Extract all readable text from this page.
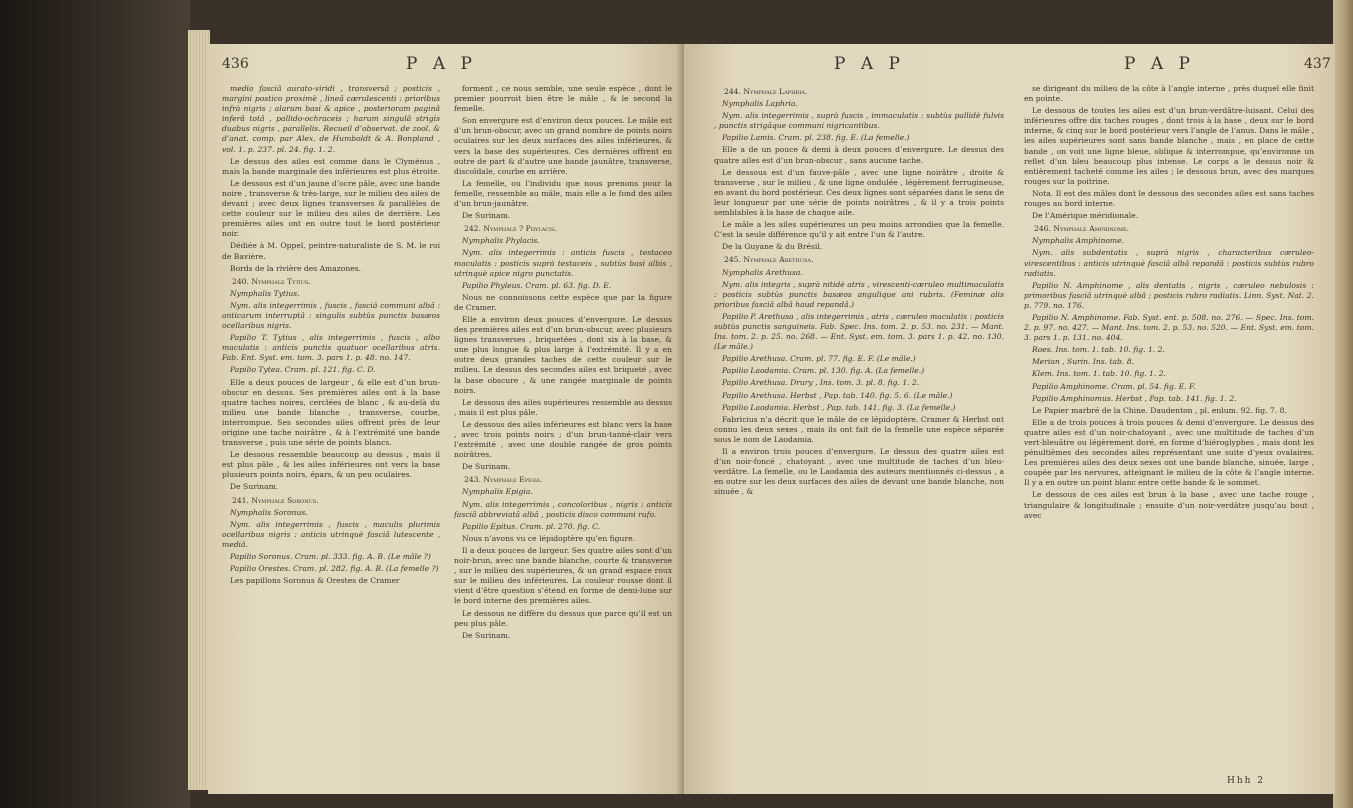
436	P A P

medio fasciâ aurato-viridi , transversâ ; posticis , margini postico proximè , lineâ cærulescenti : prioribus infrà nigris ; alarum basi & apice , posterioram paginâ inferâ totâ , pallido-ochraceis ; harum singulâ strigis duabus nigris , parallelis. Recueil d’observat. de zool. & d’anat. comp. par Alex. de Humboldt & A. Bonpland , vol. 1. p. 237. pl. 24. fig. 1. 2.

Le dessus des ailes est comme dans le Clyménus , mais la bande marginale des inférieures est plus étroite.

Le dessous est d’un jaune d’ocre pâle, avec une bande noire , transverse & très-large, sur le milieu des ailes de devant ; avec deux lignes transverses & parallèles de cette couleur sur le milieu des ailes de derrière. Les premières ailes ont en outre tout le bord postérieur noir.

Dédiée à M. Oppel, peintre-naturaliste de S. M. le roi de Bavière.

Bords de la rivière des Amazones.

240. Nymphale Tytius.

Nymphalis Tytius.

Nym. alis integerrimis , fuscis , fasciâ communi albâ : anticarum interruptâ : singulis subtùs punctis basæos ocellaribus nigris.

Papilio T. Tytius , alis integerrimis , fuscis , albo maculatis : anticis punctis quatuor ocellaribus atris. Fab. Ent. Syst. em. tom. 3. pars 1. p. 48. no. 147.

Papilio Tytea. Cram. pl. 121. fig. C. D.

Elle a deux pouces de largeur , & elle est d’un brun-obscur en dessus. Ses premières ailes ont à la base quatre taches noires, cerclées de blanc , & au-delà du milieu une bande blanche , transverse, courbe, interrompue. Ses secondes ailes offrent près de leur origine une tache noirâtre , & à l’extrémité une bande transverse , puis une série de points blancs.

Le dessous ressemble beaucoup au dessus , mais il est plus pâle , & les ailes inférieures ont vers la base plusieurs points noirs, épars, & un peu oculaires.

De Surinam.

241. Nymphale Soronus.

Nymphalis Soronus.

Nym. alis integerrimis , fuscis , maculis plurimis ocellaribus nigris : anticis utrinquè fasciâ lutescente , mediâ.

Papilio Soronus. Cram. pl. 333. fig. A. B. (Le mâle ?)

Papilio Orestes. Cram. pl. 282. fig. A. B. (La femelle ?)

Les papillons Soronus & Orestes de Cramer

forment , ce nous semble, une seule espèce , dont le premier pourroit bien être le mâle , & le second la femelle.

Son envergure est d’environ deux pouces. Le mâle est d’un brun-obscur, avec un grand nombre de points noirs oculaires sur les deux surfaces des ailes inférieures, & vers la base des supérieures. Ces dernières offrent en outre de part & d’autre une bande jaunâtre, transverse, discoïdale, courbe en arrière.

La femelle, ou l’individu que nous prenons pour la femelle, ressemble au mâle, mais elle a le fond des ailes d’un brun-jaunâtre.

De Surinam.

242. Nymphale ? Phylacis.

Nymphalis Phylacis.

Nym. alis integerrimis : anticis fuscis , testaceo maculatis : posticis suprà testaceis , subtùs basi albis , utrinquè apice nigro punctatis.

Papilio Phyleus. Cram. pl. 63. fig. D. E.

Nous ne connoissons cette espèce que par la figure de Cramer.

Elle a environ deux pouces d’envergure. Le dessus des premières ailes est d’un brun-obscur, avec plusieurs lignes transverses , briquetées , dont six à la base, & une plus longue & plus large à l’extrémité. Il y a en outre deux grandes taches de cette couleur sur le milieu. Le dessus des secondes ailes est briqueté , avec la base obscure , & une rangée marginale de points noirs.

Le dessous des ailes supérieures ressemble au dessus , mais il est plus pâle.

Le dessous des ailes inférieures est blanc vers la base , avec trois points noirs ; d’un brun-tanné-clair vers l’extrémité , avec une double rangée de gros points noirâtres.

De Surinam.

243. Nymphale Epigia.

Nymphalis Epigia.

Nym. alis integerrimis , concoloribus , nigris : anticis fasciâ abbreviatâ albâ , posticis disco communi rufo.

Papilio Epitus. Cram. pl. 270. fig. C.

Nous n’avons vu ce lépidoptère qu’en figure.

Il a deux pouces de largeur. Ses quatre ailes sont d’un noir-brun, avec une bande blanche, courte & transverse , sur le milieu des supérieures, & un grand espace roux sur le milieu des inférieures. La couleur rousse dont il vient d’être question s’étend en forme de demi-lune sur le bord interne des premières ailes.

Le dessous ne diffère du dessus que parce qu’il est un peu plus pâle.

De Surinam.

P A P	P A P	437

244. Nymphale Laphria.

Nymphalis Laphria.

Nym. alis integerrimis , suprà fuscis , immaculatis : subtùs pallidè fulvis , punctis strigâque communi nigricantibus.

Papilio Lamis. Cram. pl. 238. fig. E. (La femelle.)

Elle a de un pouce & demi à deux pouces d’envergure. Le dessus des quatre ailes est d’un brun-obscur , sans aucune tache.

Le dessous est d’un fauve-pâle , avec une ligne noirâtre , droite & transverse , sur le milieu , & une ligne ondulée , légèrement ferrugineuse, en avant du bord postérieur. Ces deux lignes sont séparées dans le sens de leur longueur par une série de points noirâtres , & il y a trois points semblables à la base de chaque aile.

Le mâle a les ailes supérieures un peu moins arrondies que la femelle. C’est la seule différence qu’il y ait entre l’un & l’autre.

De la Guyane & du Brésil.

245. Nymphale Arethusa.

Nymphalis Arethusa.

Nym. alis integris , suprà nitidè atris , virescenti-cæruleo multimaculatis : posticis subtùs punctis basæos angulique ani rubris. (Feminæ alis prioribus fasciâ albâ haud repandâ.)

Papilio P. Arethusa , alis integerrimis , atris , cæruleo maculatis : posticis subtùs punctis sanguineis. Fab. Spec. Ins. tom. 2. p. 53. no. 231. — Mant. Ins. tom. 2. p. 25. no. 268. — Ent. Syst. em. tom. 3. pars 1. p. 42. no. 130. (Le mâle.)

Papilio Arethusa. Cram. pl. 77. fig. E. F. (Le mâle.)

Papilio Laodamia. Cram. pl. 130. fig. A. (La femelle.)

Papilio Arethusa. Drury , Ins. tom. 3. pl. 8. fig. 1. 2.

Papilio Arethusa. Herbst , Pap. tab. 140. fig. 5. 6. (Le mâle.)

Papilio Laodamia. Herbst , Pap. tab. 141. fig. 3. (La femelle.)

Fabricius n’a décrit que le mâle de ce lépidoptère. Cramer & Herbst ont connu les deux sexes , mais ils ont fait de la femelle une espèce séparée sous le nom de Laodamia.

Il a environ trois pouces d’envergure. Le dessus des quatre ailes est d’un noir-foncé , chatoyant , avec une multitude de taches d’un bleu-verdâtre. La femelle, ou le Laodamia des auteurs mentionnés ci-dessus , a en outre sur les deux surfaces des ailes de devant une bande blanche, non sinuée , &

se dirigeant du milieu de la côte à l’angle interne , près duquel elle finit en pointe.

Le dessous de toutes les ailes est d’un brun-verdâtre-luisant. Celui des inférieures offre dix taches rouges , dont trois à la base , deux sur le bord interne, & cinq sur le bord postérieur vers l’angle de l’anus. Dans le mâle , les ailes supérieures sont sans bande blanche , mais , en place de cette bande , on voit une ligne bleue, oblique & interrompue, qu’environne un reflet d’un bleu beaucoup plus intense. Le corps a le dessus noir & entièrement tacheté comme les ailes ; le dessous brun, avec des marques rouges sur la poitrine.

Nota. Il est des mâles dont le dessous des secondes ailes est sans taches rouges au bord interne.

De l’Amérique méridionale.

246. Nymphale Amphinome.

Nymphalis Amphinome.

Nym. alis subdentatis , suprà nigris , characteribus cæruleo-virescentibus : anticis utrinquè fasciâ albâ repandâ : posticis subtùs rubro radiatis.

Papilio N. Amphinome , alis dentatis , nigris , cæruleo nebulosis : primoribus fasciâ utrinquè albâ ; posticis rubro radiatis. Linn. Syst. Nat. 2. p. 779. no. 176.

Papilio N. Amphinome. Fab. Syst. ent. p. 508. no. 276. — Spec. Ins. tom. 2. p. 97. no. 427. — Mant. Ins. tom. 2. p. 53. no. 520. — Ent. Syst. em. tom. 3. pars 1. p. 131. no. 404.

Roes. Ins. tom. 1. tab. 10. fig. 1. 2.

Merian , Surin. Ins. tab. 8.

Klem. Ins. tom. 1. tab. 10. fig. 1. 2.

Papilio Amphinome. Cram. pl. 54. fig. E. F.

Papilio Amphinomus. Herbst , Pap. tab. 141. fig. 1. 2.

Le Papier marbré de la Chine. Daudenton , pl. enlum. 92. fig. 7. 8.

Elle a de trois pouces à trois pouces & demi d’envergure. Le dessus des quatre ailes est d’un noir-chatoyant , avec une multitude de taches d’un vert-bleuâtre ou légèrement doré, en forme d’hiéroglyphes , mais dont les pénultièmes des secondes ailes représentant une suite d’yeux ovalaires. Les premières ailes des deux sexes ont une bande blanche, sinuée, large , coupée par les nervures, atteignant le milieu de la côte & l’angle interne. Il y a en outre un point blanc entre cette bande & le sommet.

Le dessous de ces ailes est brun à la base , avec une tache rouge , triangulaire & longitudinale ; ensuite d’un noir-verdâtre jusqu’au bout , avec

Hhh 2
